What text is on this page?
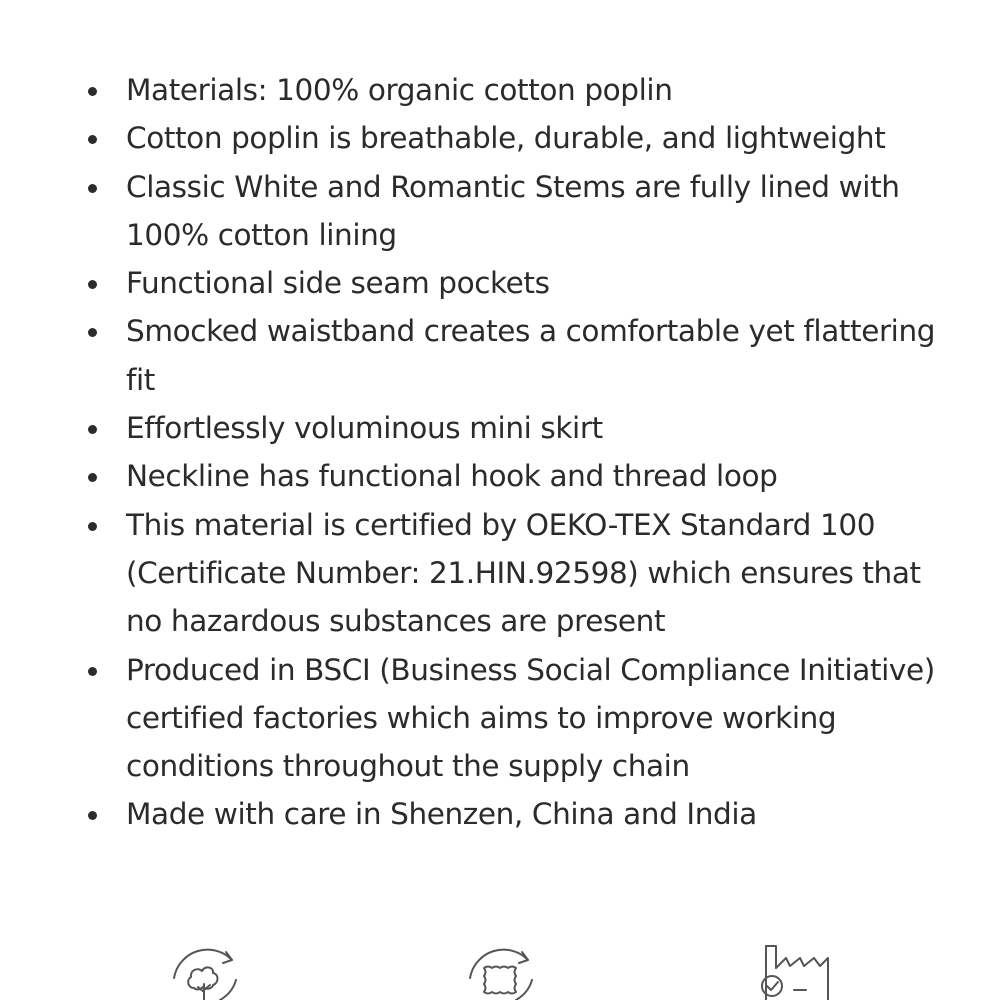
Materials: 100% organic cotton poplin
Cotton poplin is breathable, durable, and lightweight
Classic White and Romantic Stems are fully lined with 100% cotton lining
Functional side seam pockets
Smocked waistband creates a comfortable yet flattering fit
Effortlessly voluminous mini skirt
Neckline has functional hook and thread loop
This material is certified by OEKO-TEX Standard 100 (Certificate Number: 21.HIN.92598) which ensures that no hazardous substances are present
Produced in BSCI (Business Social Compliance Initiative) certified factories which aims to improve working conditions throughout the supply chain
Made with care in Shenzen, China and India
